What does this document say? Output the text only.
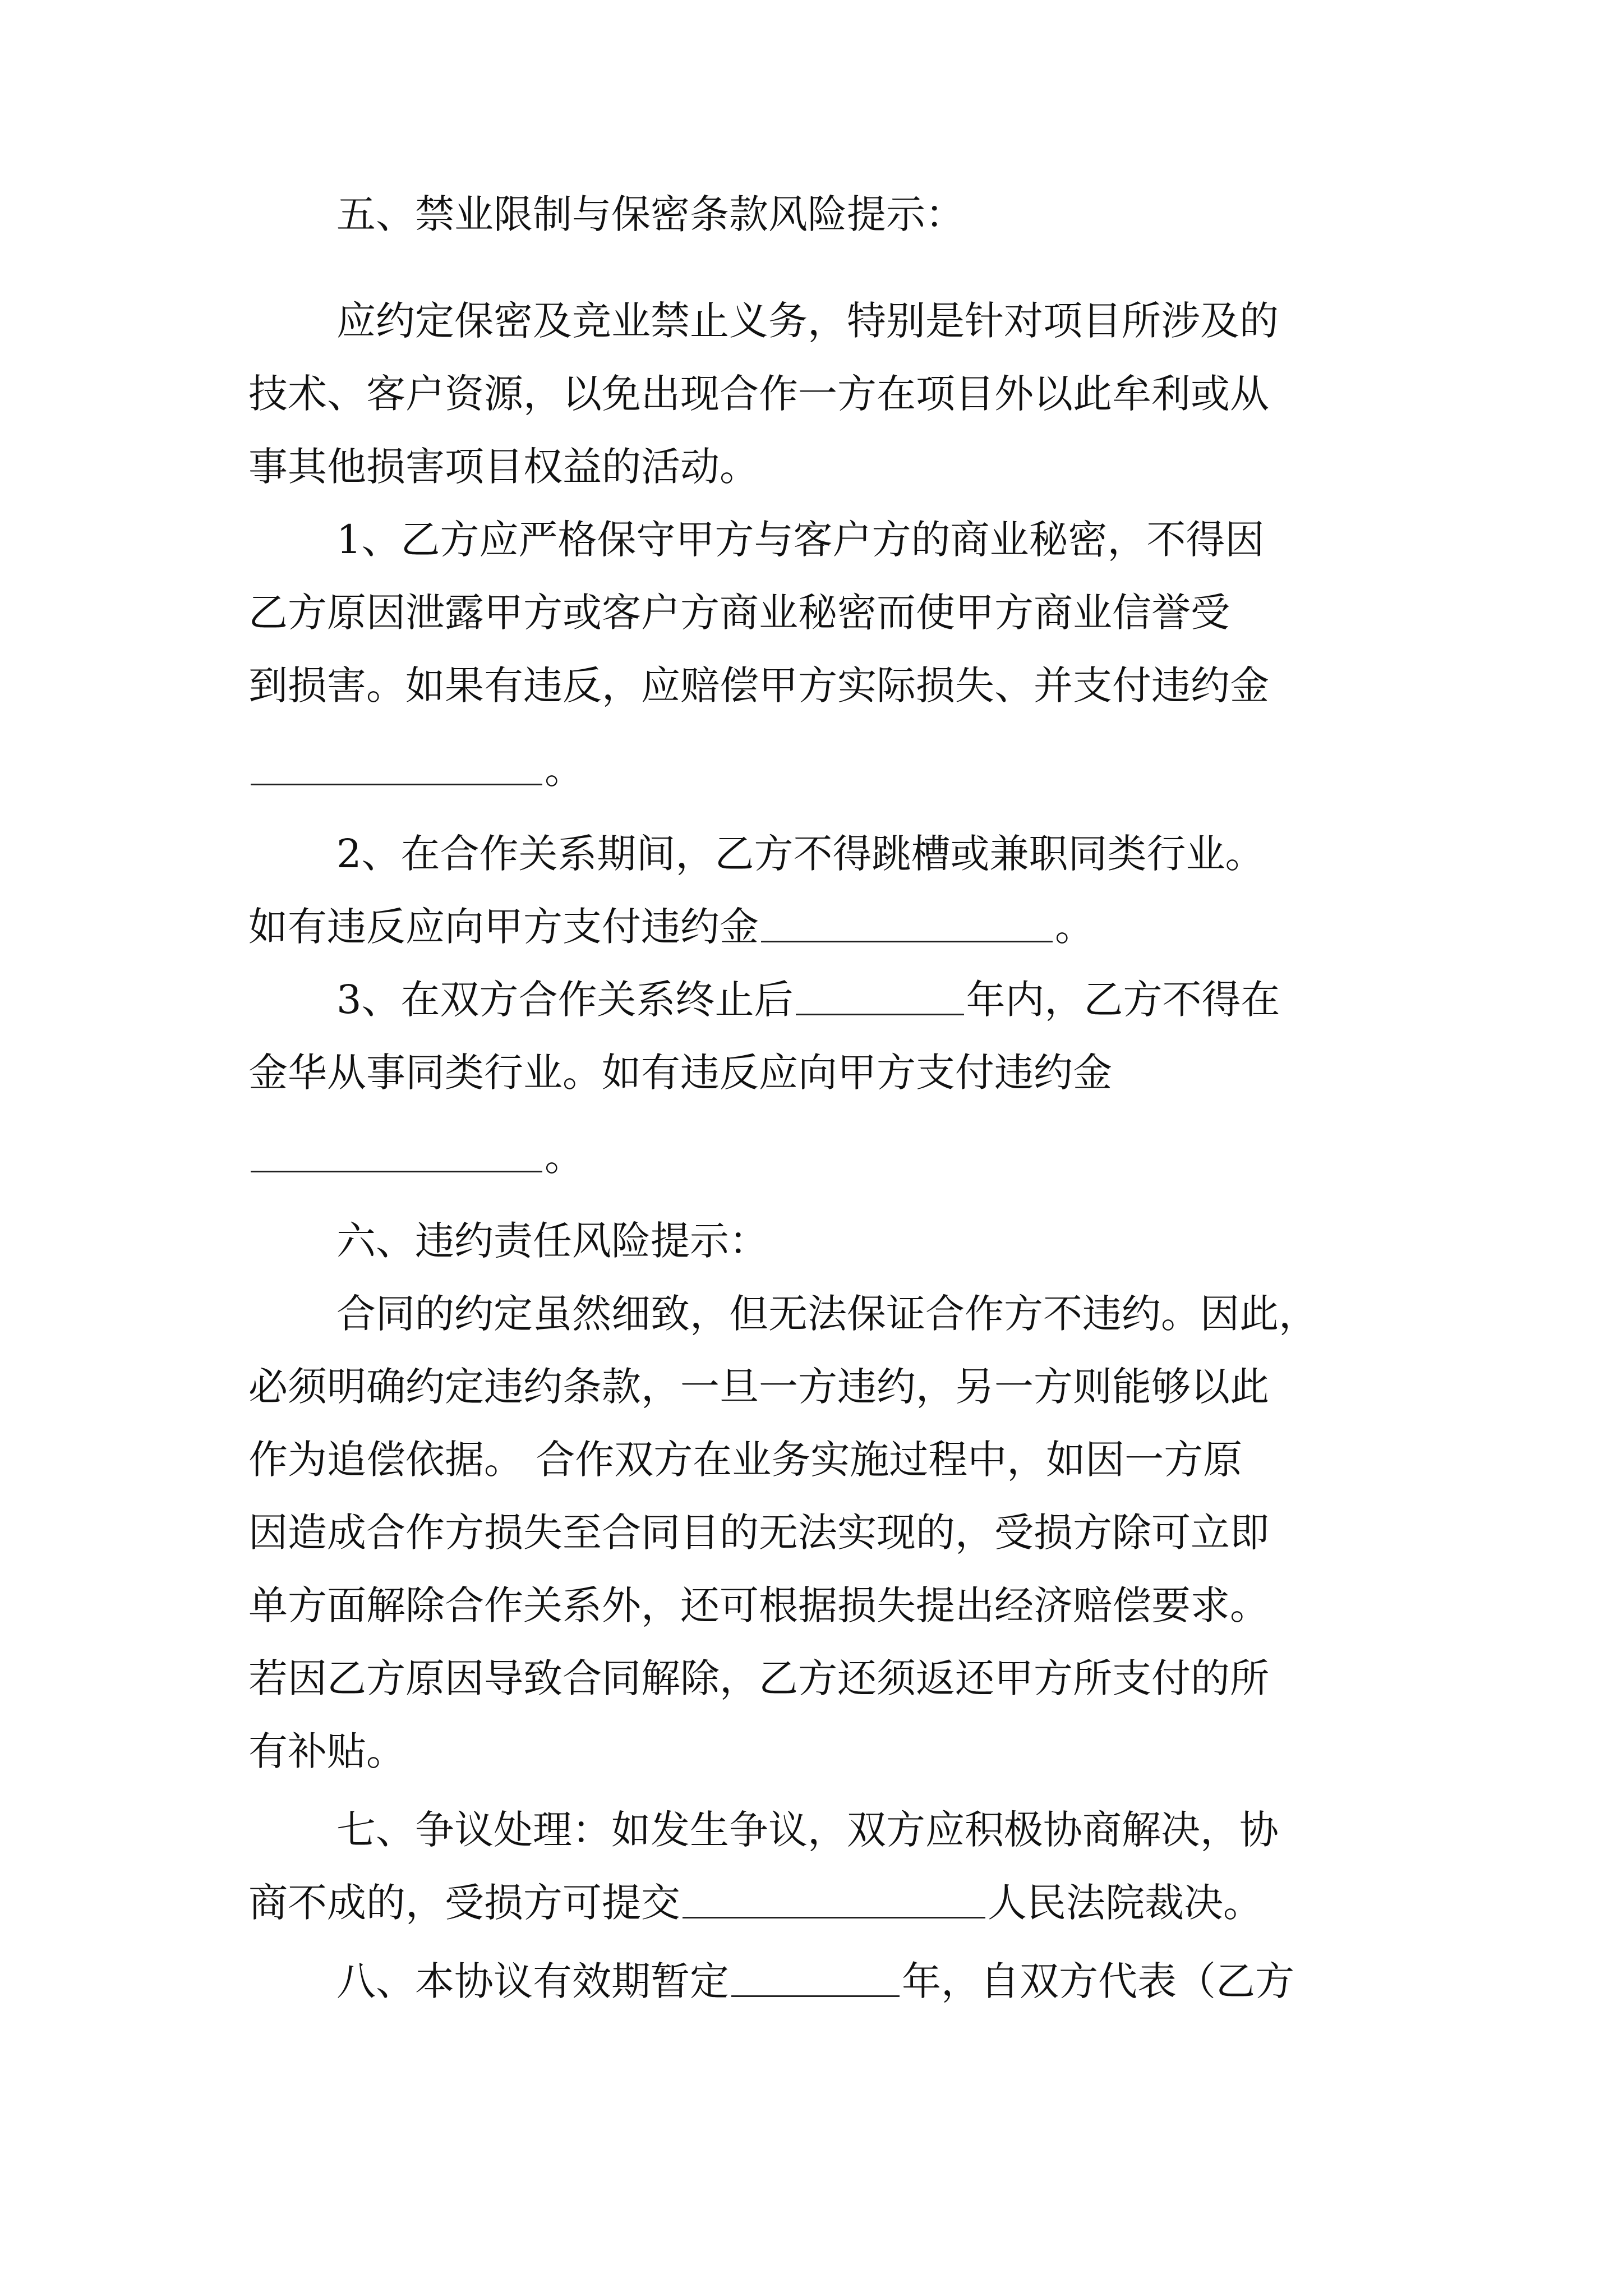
五、禁业限制与保密条款风险提示：

应约定保密及竞业禁止义务，特别是针对项目所涉及的

技术、客户资源，以免出现合作一方在项目外以此牟利或从

事其他损害项目权益的活动。

1、乙方应严格保守甲方与客户方的商业秘密，不得因

乙方原因泄露甲方或客户方商业秘密而使甲方商业信誉受

到损害。如果有违反，应赔偿甲方实际损失、并支付违约金

。

2、在合作关系期间，乙方不得跳槽或兼职同类行业。

如有违反应向甲方支付违约金	。

3、在双方合作关系终止后	年内，乙方不得在

金华从事同类行业。如有违反应向甲方支付违约金

。

六、违约责任风险提示：

合同的约定虽然细致，但无法保证合作方不违约。因此，

必须明确约定违约条款，一旦一方违约，另一方则能够以此

作为追偿依据。 合作双方在业务实施过程中，如因一方原

因造成合作方损失至合同目的无法实现的，受损方除可立即

单方面解除合作关系外，还可根据损失提出经济赔偿要求。

若因乙方原因导致合同解除，乙方还须返还甲方所支付的所

有补贴。

七、争议处理：如发生争议，双方应积极协商解决，协

商不成的，受损方可提交	人民法院裁决。

八、本协议有效期暂定	年，自双方代表（乙方
